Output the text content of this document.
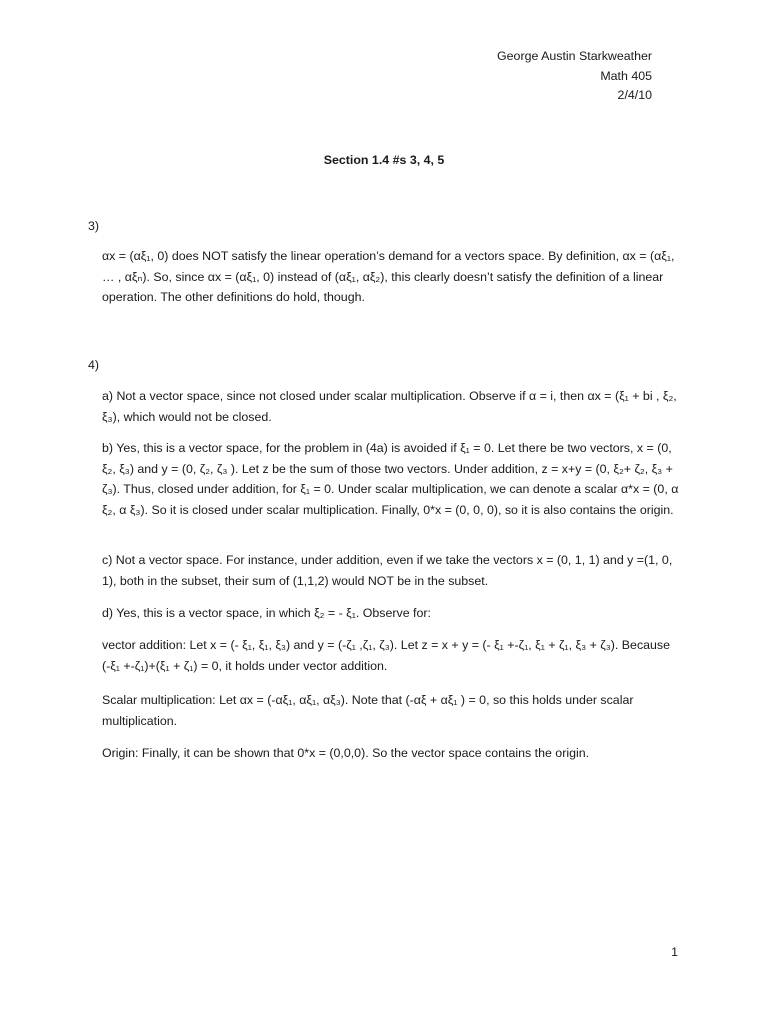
George Austin Starkweather
Math 405
2/4/10
Section 1.4 #s 3, 4, 5
3)

αx = (αξ₁, 0) does NOT satisfy the linear operation’s demand for a vectors space. By definition, αx = (αξ₁, … , αξₙ). So, since αx = (αξ₁, 0) instead of (αξ₁, αξ₂), this clearly doesn’t satisfy the definition of a linear operation. The other definitions do hold, though.

4)

a) Not a vector space, since not closed under scalar multiplication. Observe if α = i, then αx = (ξ₁ + bi , ξ₂, ξ₃), which would not be closed.

b) Yes, this is a vector space, for the problem in (4a) is avoided if ξ₁ = 0. Let there be two vectors, x = (0, ξ₂, ξ₃) and y = (0, ζ₂, ζ₃ ). Let z be the sum of those two vectors. Under addition, z = x+y = (0, ξ₂+ ζ₂, ξ₃ + ζ₃). Thus, closed under addition, for ξ₁ = 0. Under scalar multiplication, we can denote a scalar α*x = (0, α ξ₂, α ξ₃). So it is closed under scalar multiplication. Finally, 0*x = (0, 0, 0), so it is also contains the origin.

c) Not a vector space. For instance, under addition, even if we take the vectors x = (0, 1, 1) and y =(1, 0, 1), both in the subset, their sum of (1,1,2) would NOT be in the subset.

d) Yes, this is a vector space, in which ξ₂ = - ξ₁. Observe for:

vector addition: Let x = (- ξ₁, ξ₁, ξ₃) and y = (-ζ₁ ,ζ₁, ζ₃). Let z = x + y = (- ξ₁ +-ζ₁, ξ₁ + ζ₁, ξ₃ + ζ₃). Because (-ξ₁ +-ζ₁)+(ξ₁ + ζ₁) = 0, it holds under vector addition.

Scalar multiplication: Let αx = (-αξ₁, αξ₁, αξ₃). Note that (-αξ + αξ₁ ) = 0, so this holds under scalar multiplication.

Origin: Finally, it can be shown that 0*x = (0,0,0). So the vector space contains the origin.

1
